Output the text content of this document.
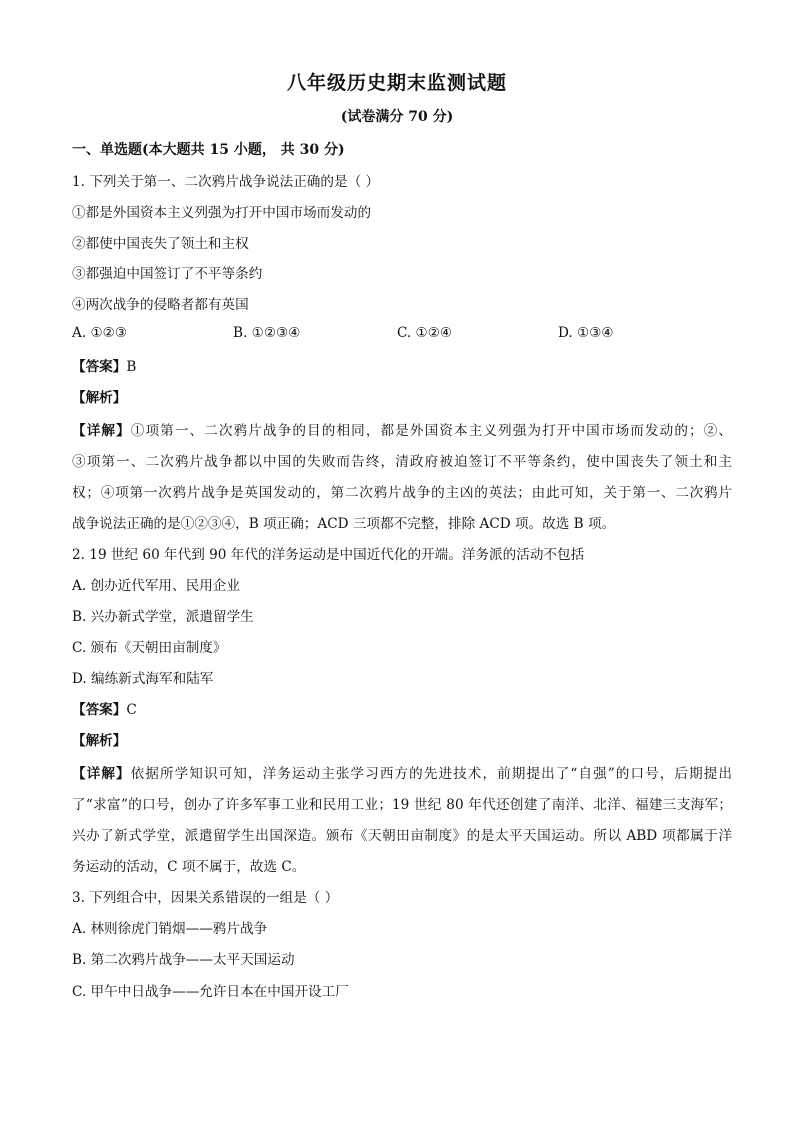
八年级历史期末监测试题
(试卷满分 70 分)
一、单选题(本大题共 15 小题， 共 30 分)
1. 下列关于第一、二次鸦片战争说法正确的是（ ）
①都是外国资本主义列强为打开中国市场而发动的
②都使中国丧失了领土和主权
③都强迫中国签订了不平等条约
④两次战争的侵略者都有英国
A. ①②③	B. ①②③④	C. ①②④	D. ①③④
【答案】B
【解析】
【详解】①项第一、二次鸦片战争的目的相同，都是外国资本主义列强为打开中国市场而发动的；②、
③项第一、二次鸦片战争都以中国的失败而告终，清政府被迫签订不平等条约，使中国丧失了领土和主
权；④项第一次鸦片战争是英国发动的，第二次鸦片战争的主凶的英法；由此可知，关于第一、二次鸦片
战争说法正确的是①②③④，B 项正确；ACD 三项都不完整，排除 ACD 项。故选 B 项。
2. 19 世纪 60 年代到 90 年代的洋务运动是中国近代化的开端。洋务派的活动不包括
A. 创办近代军用、民用企业
B. 兴办新式学堂，派遣留学生
C. 颁布《天朝田亩制度》
D. 编练新式海军和陆军
【答案】C
【解析】
【详解】依据所学知识可知，洋务运动主张学习西方的先进技术，前期提出了“自强”的口号，后期提出
了“求富”的口号，创办了许多军事工业和民用工业；19 世纪 80 年代还创建了南洋、北洋、福建三支海军；
兴办了新式学堂，派遣留学生出国深造。颁布《天朝田亩制度》的是太平天国运动。所以 ABD 项都属于洋
务运动的活动，C 项不属于，故选 C。
3. 下列组合中，因果关系错误的一组是（ ）
A. 林则徐虎门销烟——鸦片战争
B. 第二次鸦片战争——太平天国运动
C. 甲午中日战争——允许日本在中国开设工厂
